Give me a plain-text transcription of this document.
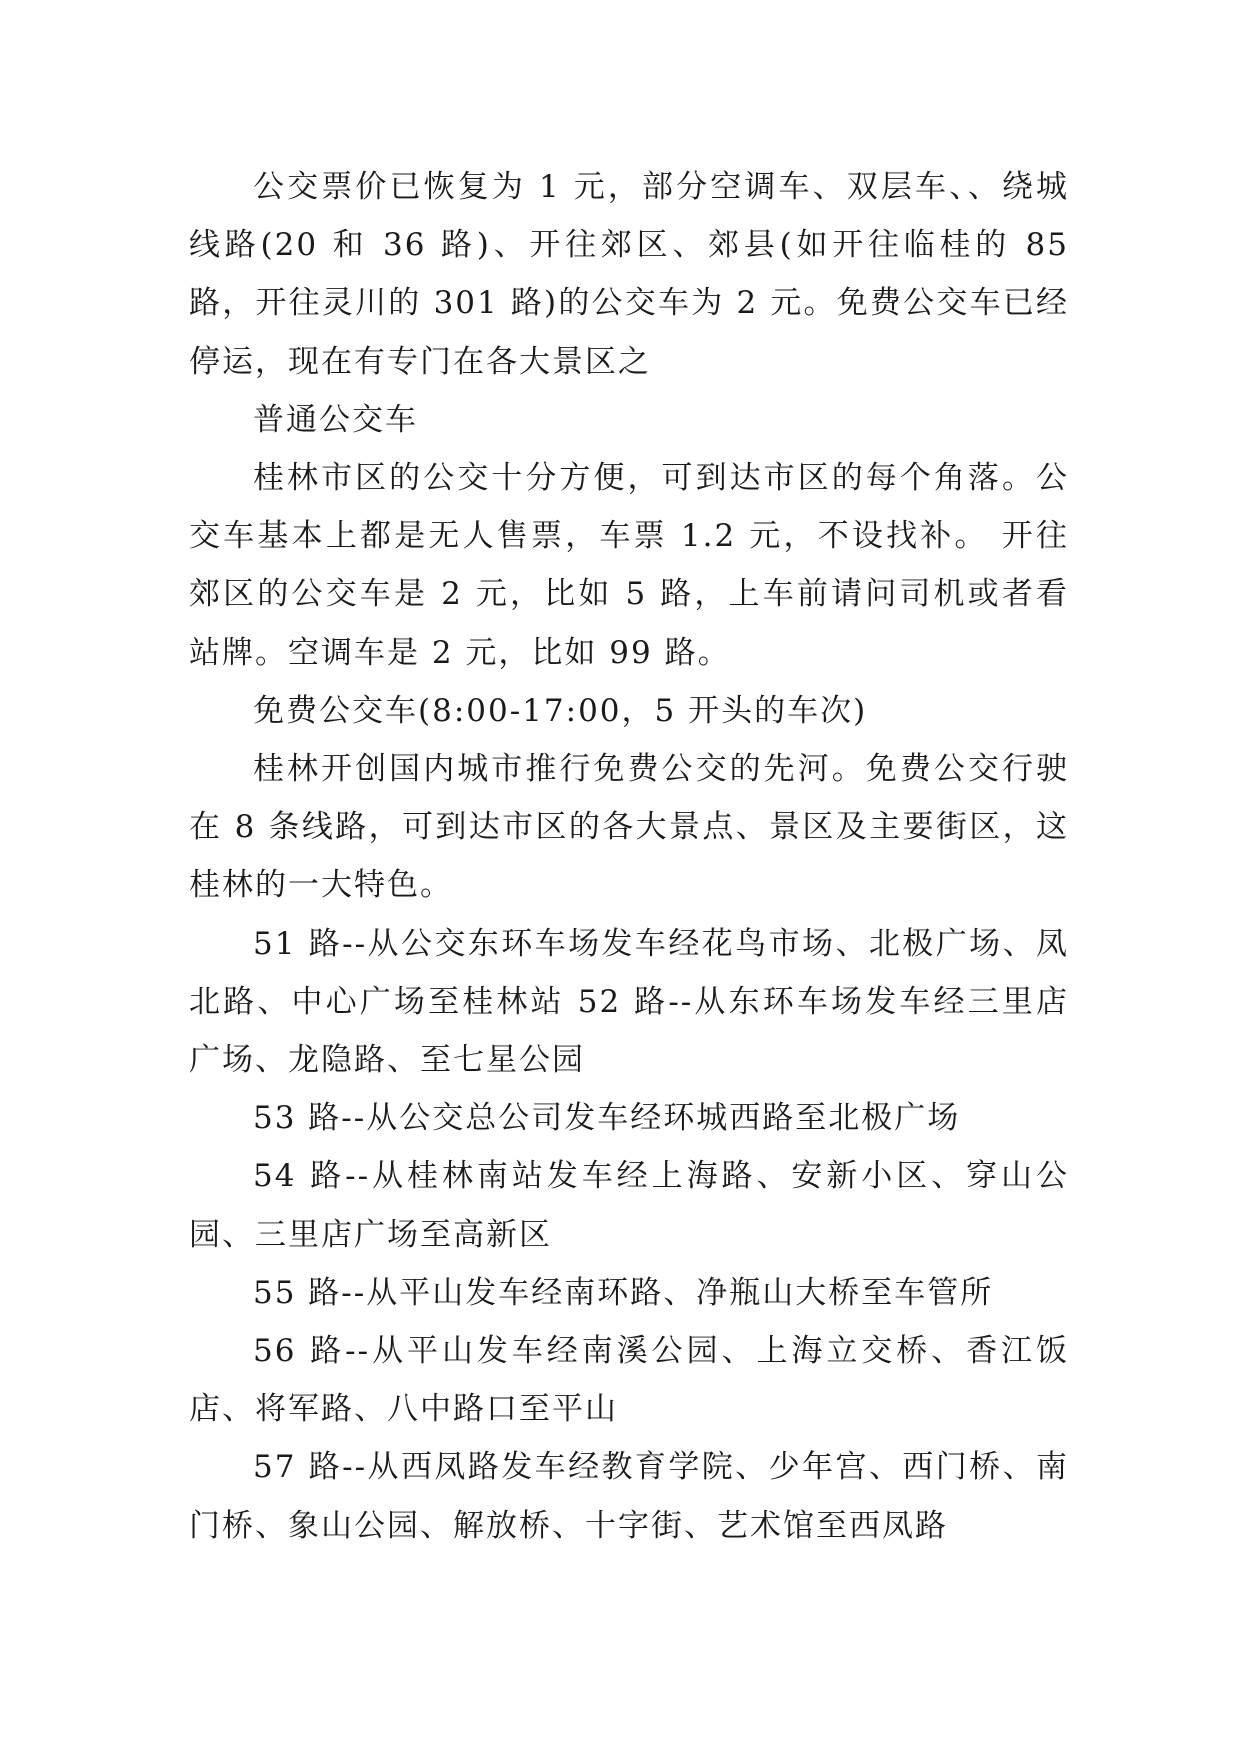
公交票价已恢复为 1 元，部分空调车、双层车、、绕城线路(20 和 36 路)、开往郊区、郊县(如开往临桂的 85 路，开往灵川的 301 路)的公交车为 2 元。免费公交车已经停运，现在有专门在各大景区之

普通公交车

桂林市区的公交十分方便，可到达市区的每个角落。公交车基本上都是无人售票，车票 1.2 元，不设找补。 开往郊区的公交车是 2 元，比如 5 路，上车前请问司机或者看站牌。空调车是 2 元，比如 99 路。

免费公交车(8:00-17:00，5 开头的车次)

桂林开创国内城市推行免费公交的先河。免费公交行驶在 8 条线路，可到达市区的各大景点、景区及主要街区，这桂林的一大特色。

51 路--从公交东环车场发车经花鸟市场、北极广场、凤北路、中心广场至桂林站 52 路--从东环车场发车经三里店广场、龙隐路、至七星公园

53 路--从公交总公司发车经环城西路至北极广场

54 路--从桂林南站发车经上海路、安新小区、穿山公园、三里店广场至高新区

55 路--从平山发车经南环路、净瓶山大桥至车管所

56 路--从平山发车经南溪公园、上海立交桥、香江饭店、将军路、八中路口至平山

57 路--从西凤路发车经教育学院、少年宫、西门桥、南门桥、象山公园、解放桥、十字街、艺术馆至西凤路
